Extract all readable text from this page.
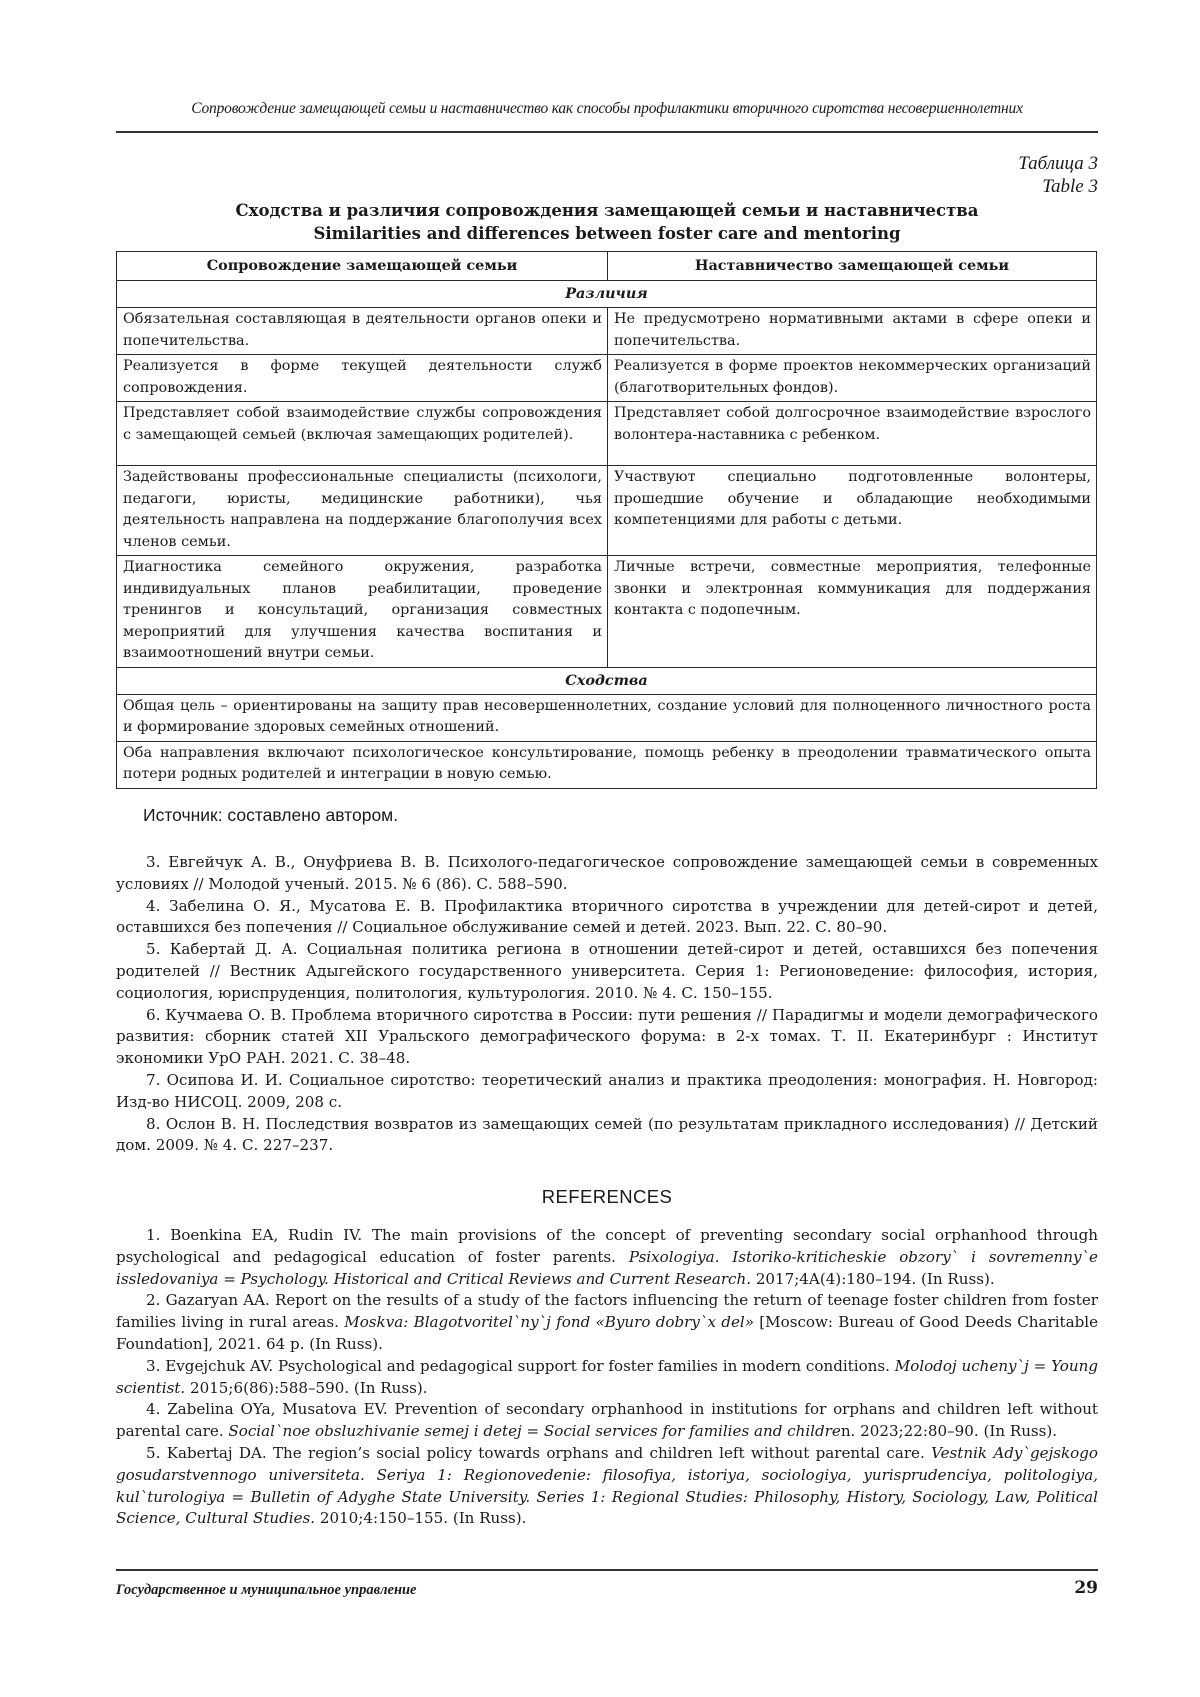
Сопровождение замещающей семьи и наставничество как способы профилактики вторичного сиротства несовершеннолетних
Таблица 3
Table 3
Сходства и различия сопровождения замещающей семьи и наставничества
Similarities and differences between foster care and mentoring
Сопровождение замещающей семьи	Наставничество замещающей семьи
Различия	
Обязательная составляющая в деятельности органов опеки и попечительства.	Не предусмотрено нормативными актами в сфере опеки и попечительства.
Реализуется в форме текущей деятельности служб сопровождения.	Реализуется в форме проектов некоммерческих организаций (благотворительных фондов).
Представляет собой взаимодействие службы сопровождения с замещающей семьей (включая замещающих родителей).	Представляет собой долгосрочное взаимодействие взрослого волонтера-наставника с ребенком.
Задействованы профессиональные специалисты (психологи, педагоги, юристы, медицинские работники), чья деятельность направлена на поддержание благополучия всех членов семьи.	Участвуют специально подготовленные волонтеры, прошедшие обучение и обладающие необходимыми компетенциями для работы с детьми.
Диагностика семейного окружения, разработка индивидуальных планов реабилитации, проведение тренингов и консультаций, организация совместных мероприятий для улучшения качества воспитания и взаимоотношений внутри семьи.	Личные встречи, совместные мероприятия, телефонные звонки и электронная коммуникация для поддержания контакта с подопечным.
Сходства	
Общая цель – ориентированы на защиту прав несовершеннолетних, создание условий для полноценного личностного роста и формирование здоровых семейных отношений.	
Оба направления включают психологическое консультирование, помощь ребенку в преодолении травматического опыта потери родных родителей и интеграции в новую семью.	
Источник: составлено автором.

3. Евгейчук А. В., Онуфриева В. В. Психолого-педагогическое сопровождение замещающей семьи в современных условиях // Молодой ученый. 2015. № 6 (86). С. 588–590.

4. Забелина О. Я., Мусатова Е. В. Профилактика вторичного сиротства в учреждении для детей-сирот и детей, оставшихся без попечения // Социальное обслуживание семей и детей. 2023. Вып. 22. С. 80–90.

5. Кабертай Д. А. Социальная политика региона в отношении детей-сирот и детей, оставшихся без попечения родителей // Вестник Адыгейского государственного университета. Серия 1: Регионоведение: философия, история, социология, юриспруденция, политология, культурология. 2010. № 4. С. 150–155.

6. Кучмаева О. В. Проблема вторичного сиротства в России: пути решения // Парадигмы и модели демографического развития: сборник статей XII Уральского демографического форума: в 2-х томах. Т. II. Екатеринбург : Институт экономики УрО РАН. 2021. С. 38–48.

7. Осипова И. И. Социальное сиротство: теоретический анализ и практика преодоления: монография. Н. Новгород: Изд-во НИСОЦ. 2009, 208 с.

8. Ослон В. Н. Последствия возвратов из замещающих семей (по результатам прикладного исследования) // Детский дом. 2009. № 4. С. 227–237.

REFERENCES

1. Boenkina EA, Rudin IV. The main provisions of the concept of preventing secondary social orphanhood through psychological and pedagogical education of foster parents. Psixologiya. Istoriko-kriticheskie obzory` i sovremenny`e issledovaniya = Psychology. Historical and Critical Reviews and Current Research. 2017;4A(4):180–194. (In Russ).

2. Gazaryan AA. Report on the results of a study of the factors influencing the return of teenage foster children from foster families living in rural areas. Moskva: Blagotvoritel`ny`j fond «Byuro dobry`x del» [Moscow: Bureau of Good Deeds Charitable Foundation], 2021. 64 p. (In Russ).

3. Evgejchuk AV. Psychological and pedagogical support for foster families in modern conditions. Molodoj ucheny`j = Young scientist. 2015;6(86):588–590. (In Russ).

4. Zabelina OYa, Musatova EV. Prevention of secondary orphanhood in institutions for orphans and children left without parental care. Social`noe obsluzhivanie semej i detej = Social services for families and children. 2023;22:80–90. (In Russ).

5. Kabertaj DA. The region’s social policy towards orphans and children left without parental care. Vestnik Ady`gejskogo gosudarstvennogo universiteta. Seriya 1: Regionovedenie: filosofiya, istoriya, sociologiya, yurisprudenciya, politologiya, kul`turologiya = Bulletin of Adyghe State University. Series 1: Regional Studies: Philosophy, History, Sociology, Law, Political Science, Cultural Studies. 2010;4:150–155. (In Russ).

Государственное и муниципальное управление	29
